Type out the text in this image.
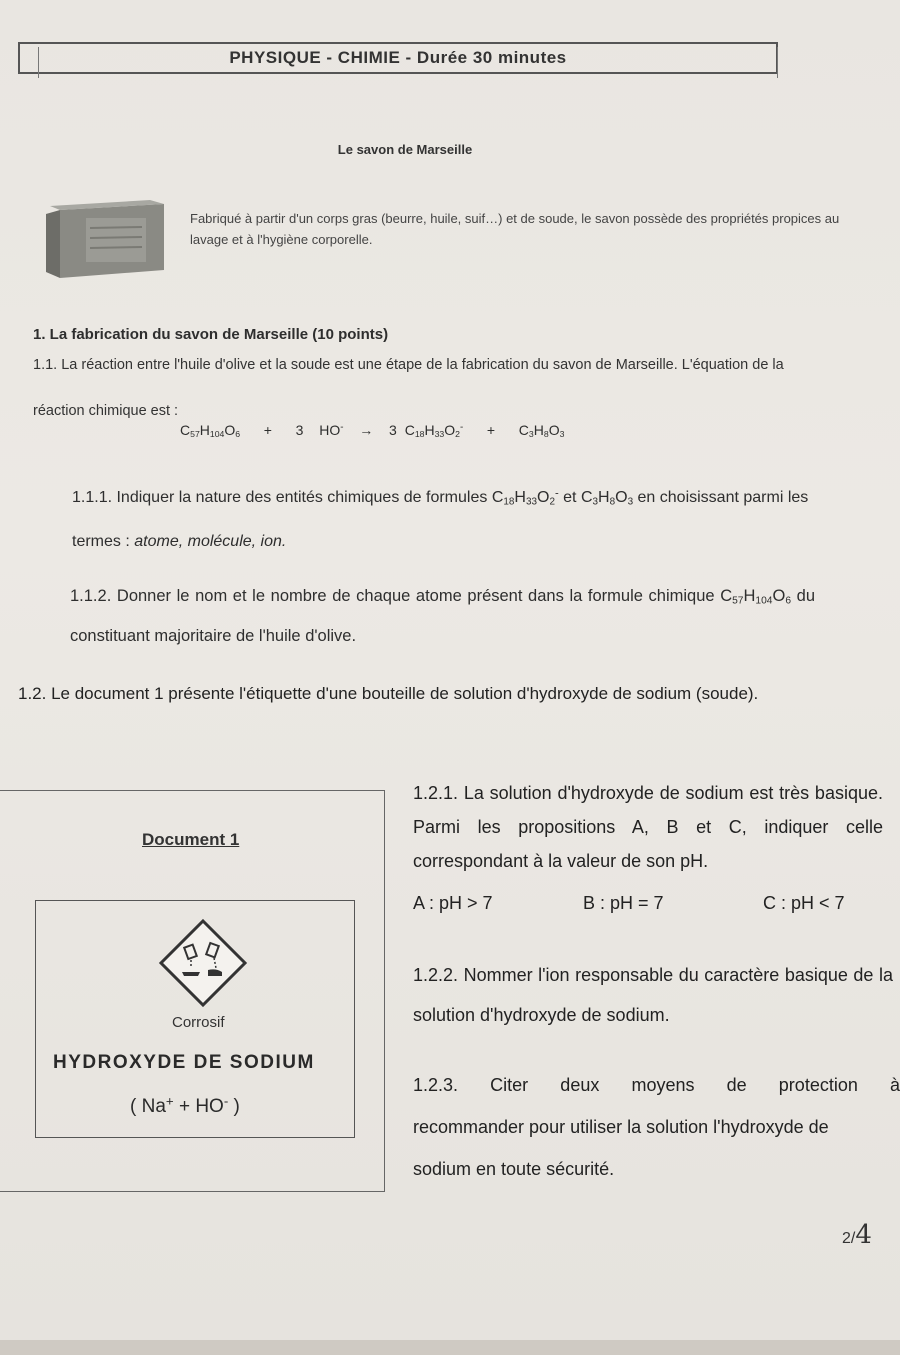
PHYSIQUE - CHIMIE - Durée 30 minutes
Le savon de Marseille
Fabriqué à partir d'un corps gras (beurre, huile, suif…) et de soude, le savon possède des propriétés propices au lavage et à l'hygiène corporelle.
1. La fabrication du savon de Marseille (10 points)
1.1. La réaction entre l'huile d'olive et la soude est une étape de la fabrication du savon de Marseille. L'équation de la réaction chimique est :
$C_{57}H_{104}O_6 + 3$ HO- → 3 $C_{18}H_{33}O_2^- + C_3H_8O_3$
1.1.1. Indiquer la nature des entités chimiques de formules $C_{18}H_{33}O_2^-$ et $C_3H_8O_3$ en choisissant parmi les termes : atome, molécule, ion.
1.1.2. Donner le nom et le nombre de chaque atome présent dans la formule chimique $C_{57}H_{104}O_6$ du constituant majoritaire de l'huile d'olive.
1.2. Le document 1 présente l'étiquette d'une bouteille de solution d'hydroxyde de sodium (soude).
Document 1
Corrosif
HYDROXYDE DE SODIUM
( Na+ + HO- )
1.2.1. La solution d'hydroxyde de sodium est très basique. Parmi les propositions A, B et C, indiquer celle correspondant à la valeur de son pH.
A : pH > 7	B : pH = 7	C : pH < 7
1.2.2. Nommer l'ion responsable du caractère basique de la solution d'hydroxyde de sodium.
1.2.3. Citer deux moyens de protection à
recommander pour utiliser la solution l'hydroxyde de
sodium en toute sécurité.
2/4
